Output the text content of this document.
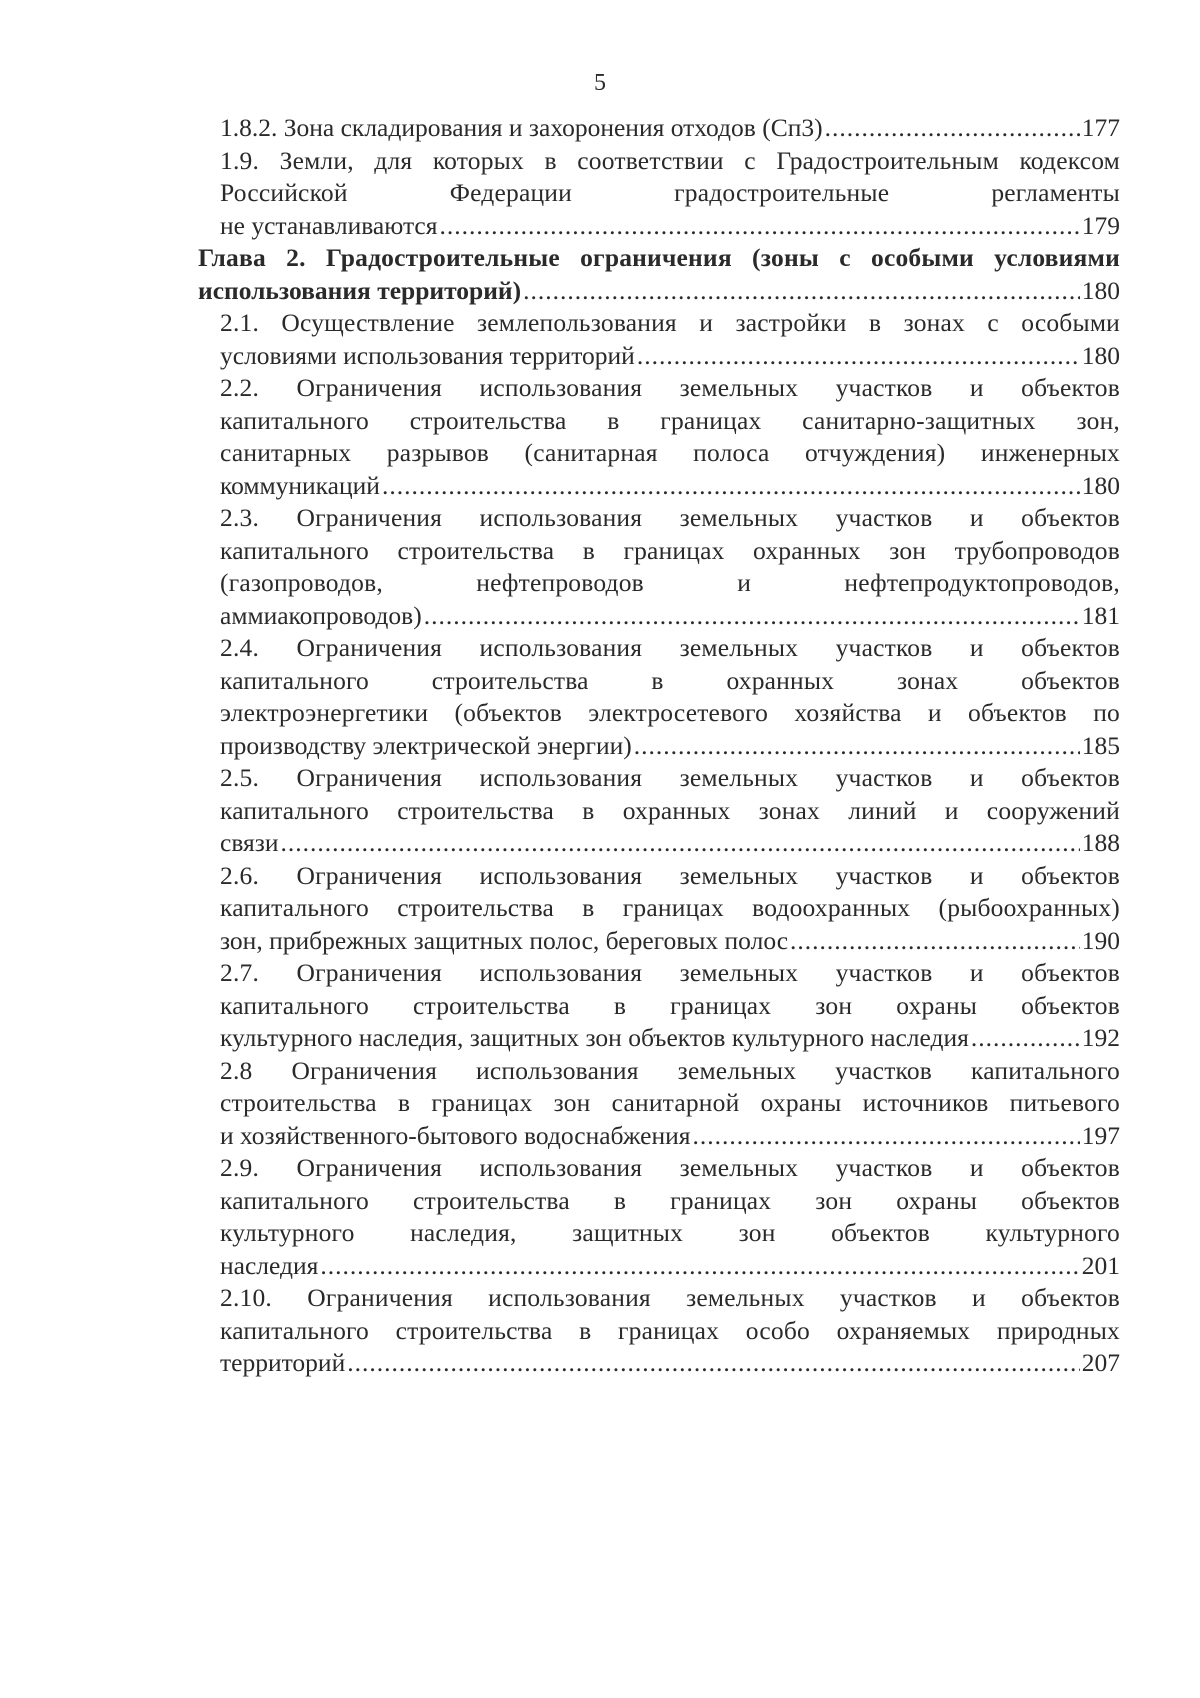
5
1.8.2. Зона складирования и захоронения отходов (Сп3) .....	177
1.9. Земли, для которых в соответствии с Градостроительным кодексом
Российской Федерации градостроительные регламенты
не устанавливаются .....	179
Глава 2. Градостроительные ограничения (зоны с особыми условиями
использования территорий) .....	180
2.1. Осуществление землепользования и застройки в зонах с особыми
условиями использования территорий .....	180
2.2. Ограничения использования земельных участков и объектов
капитального строительства в границах санитарно-защитных зон,
санитарных разрывов (санитарная полоса отчуждения) инженерных
коммуникаций .....	180
2.3. Ограничения использования земельных участков и объектов
капитального строительства в границах охранных зон трубопроводов
(газопроводов, нефтепроводов и нефтепродуктопроводов,
аммиакопроводов) .....	181
2.4. Ограничения использования земельных участков и объектов
капитального строительства в охранных зонах объектов
электроэнергетики (объектов электросетевого хозяйства и объектов по
производству электрической энергии) .....	185
2.5. Ограничения использования земельных участков и объектов
капитального строительства в охранных зонах линий и сооружений
связи .....	188
2.6. Ограничения использования земельных участков и объектов
капитального строительства в границах водоохранных (рыбоохранных)
зон, прибрежных защитных полос, береговых полос .....	190
2.7. Ограничения использования земельных участков и объектов
капитального строительства в границах зон охраны объектов
культурного наследия, защитных зон объектов культурного наследия .....	192
2.8 Ограничения использования земельных участков капитального
строительства в границах зон санитарной охраны источников питьевого
и хозяйственного-бытового водоснабжения .....	197
2.9. Ограничения использования земельных участков и объектов
капитального строительства в границах зон охраны объектов
культурного наследия, защитных зон объектов культурного
наследия .....	201
2.10. Ограничения использования земельных участков и объектов
капитального строительства в границах особо охраняемых природных
территорий .....	207
